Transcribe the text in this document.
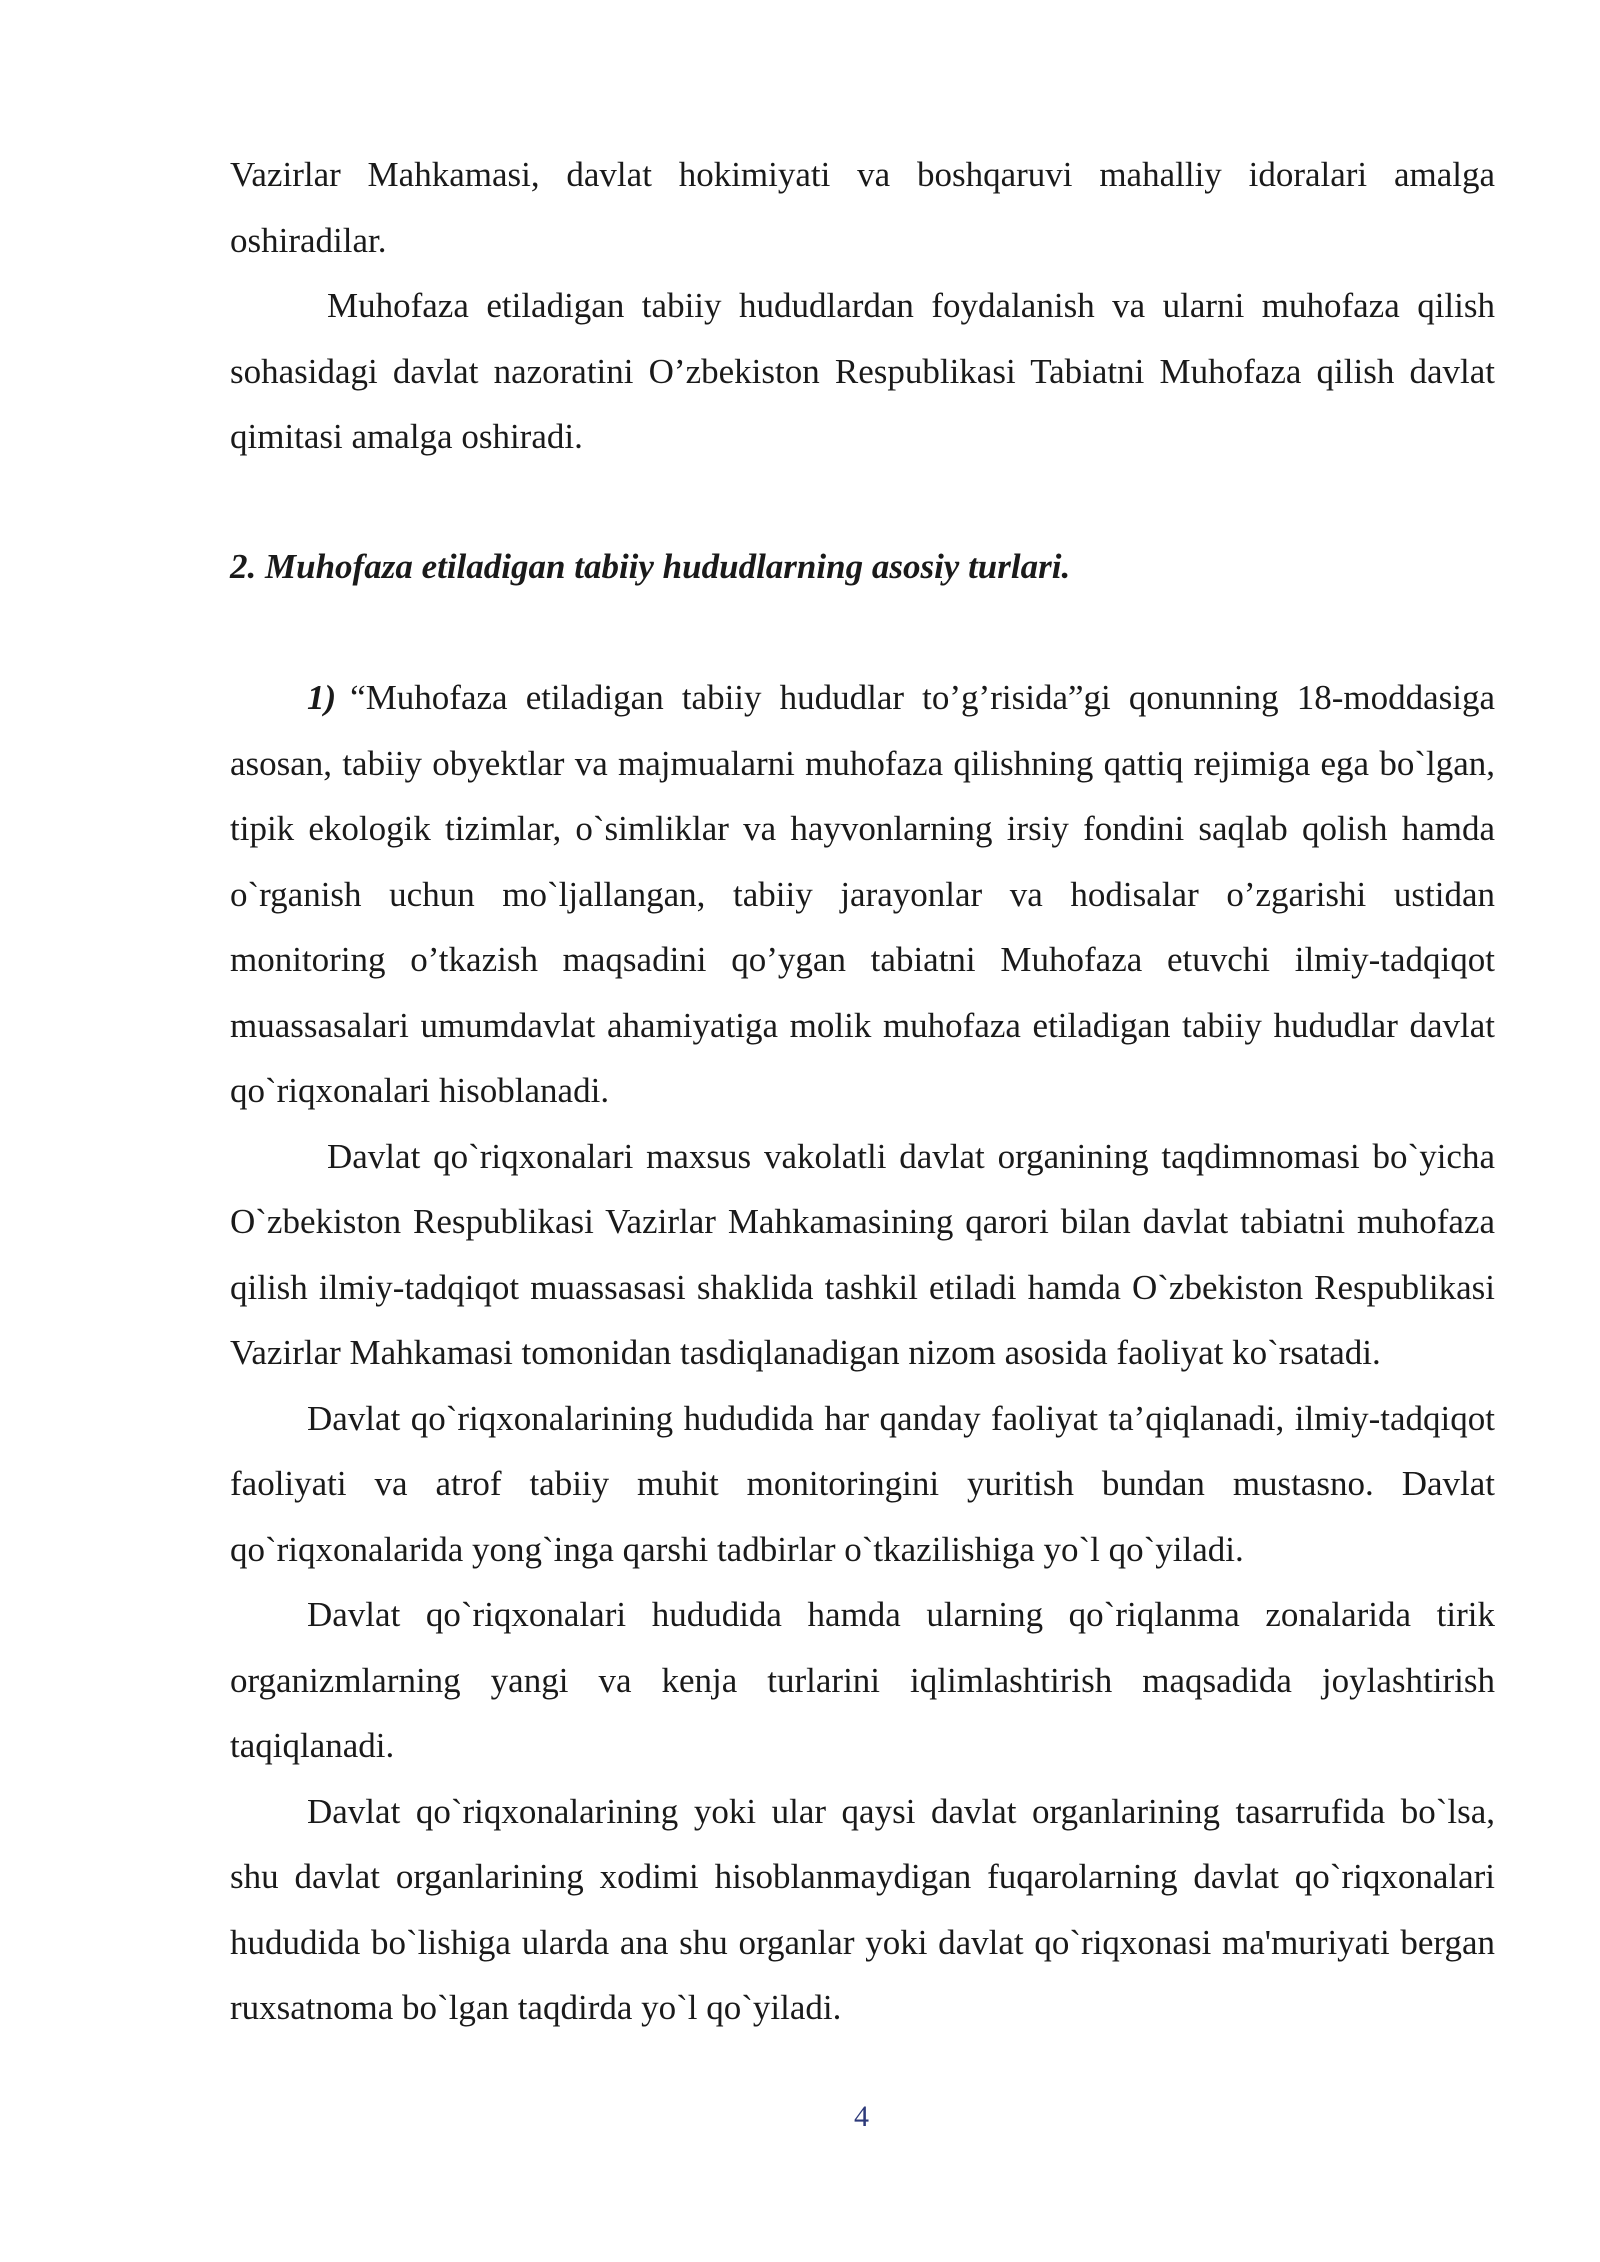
Vazirlar Mahkamasi, davlat hokimiyati va boshqaruvi mahalliy idoralari amalga oshiradilar.

Muhofaza etiladigan tabiiy hududlardan foydalanish va ularni muhofaza qilish sohasidagi davlat nazoratini O’zbekiston Respublikasi Tabiatni Muhofaza qilish davlat qimitasi amalga oshiradi.

2. Muhofaza etiladigan tabiiy hududlarning asosiy turlari.

1) “Muhofaza etiladigan tabiiy hududlar to’g’risida”gi qonunning 18-moddasiga asosan, tabiiy obyektlar va majmualarni muhofaza qilishning qattiq rejimiga ega bo`lgan, tipik ekologik tizimlar, o`simliklar va hayvonlarning irsiy fondini saqlab qolish hamda o`rganish uchun mo`ljallangan, tabiiy jarayonlar va hodisalar o’zgarishi ustidan monitoring o’tkazish maqsadini qo’ygan tabiatni Muhofaza etuvchi ilmiy-tadqiqot muassasalari umumdavlat ahamiyatiga molik muhofaza etiladigan tabiiy hududlar davlat qo`riqxonalari hisoblanadi.

Davlat qo`riqxonalari maxsus vakolatli davlat organining taqdimnomasi bo`yicha O`zbekiston Respublikasi Vazirlar Mahkamasining qarori bilan davlat tabiatni muhofaza qilish ilmiy-tadqiqot muassasasi shaklida tashkil etiladi hamda O`zbekiston Respublikasi Vazirlar Mahkamasi tomonidan tasdiqlanadigan nizom asosida faoliyat ko`rsatadi.

Davlat qo`riqxonalarining hududida har qanday faoliyat ta’qiqlanadi, ilmiy-tadqiqot faoliyati va atrof tabiiy muhit monitoringini yuritish bundan mustasno. Davlat qo`riqxonalarida yong`inga qarshi tadbirlar o`tkazilishiga yo`l qo`yiladi.

Davlat qo`riqxonalari hududida hamda ularning qo`riqlanma zonalarida tirik organizmlarning yangi va kenja turlarini iqlimlashtirish maqsadida joylashtirish taqiqlanadi.

Davlat qo`riqxonalarining yoki ular qaysi davlat organlarining tasarrufida bo`lsa, shu davlat organlarining xodimi hisoblanmaydigan fuqarolarning davlat qo`riqxonalari hududida bo`lishiga ularda ana shu organlar yoki davlat qo`riqxonasi ma'muriyati bergan ruxsatnoma bo`lgan taqdirda yo`l qo`yiladi.

4
